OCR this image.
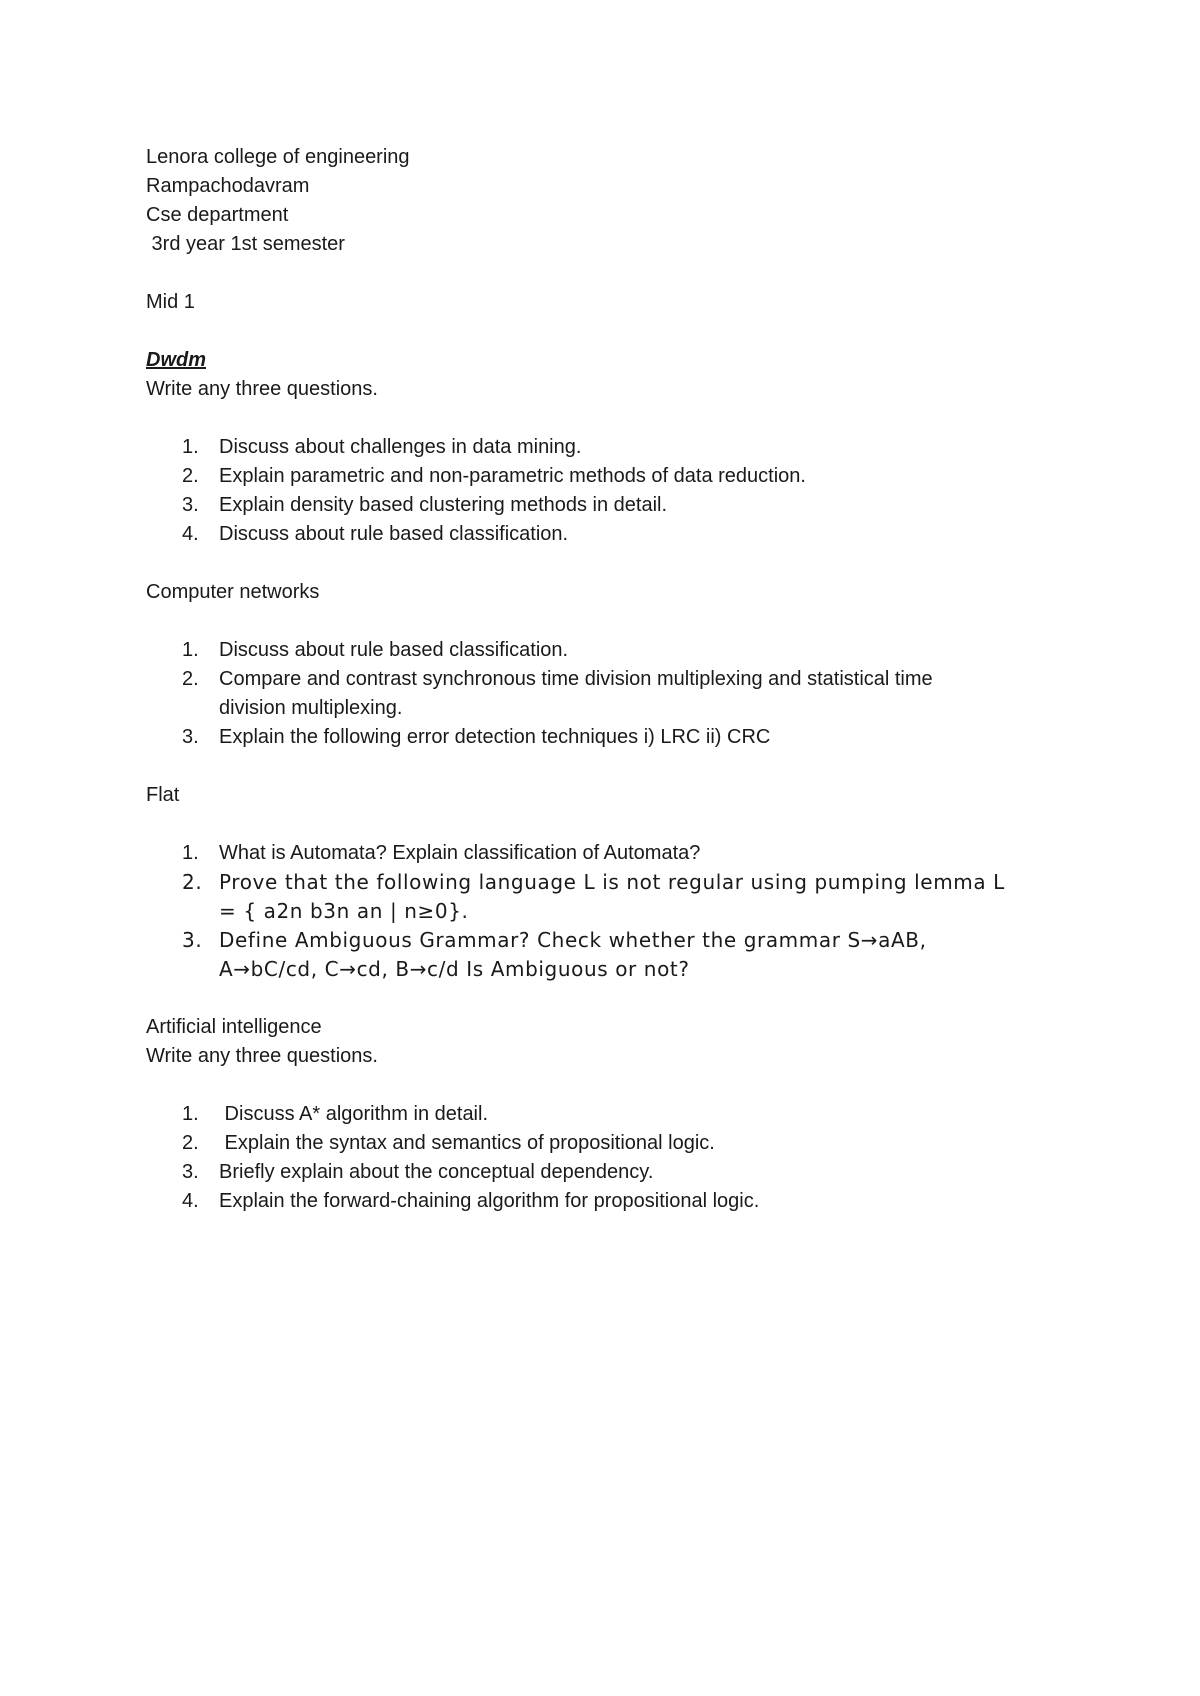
Lenora college of engineering

Rampachodavram

Cse department

3rd year 1st semester

Mid 1

Dwdm

Write any three questions.

1. Discuss about challenges in data mining.
2. Explain parametric and non-parametric methods of data reduction.
3. Explain density based clustering methods in detail.
4. Discuss about rule based classification.

Computer networks

1. Discuss about rule based classification.
2. Compare and contrast synchronous time division multiplexing and statistical time
division multiplexing.
3. Explain the following error detection techniques i) LRC ii) CRC

Flat

1. What is Automata? Explain classification of Automata?
2. Prove that the following language L is not regular using pumping lemma L
= { a2n b3n an | n≥0}.
3. Define Ambiguous Grammar? Check whether the grammar S→aAB,
A→bC/cd, C→cd, B→c/d Is Ambiguous or not?

Artificial intelligence

Write any three questions.

1. Discuss A* algorithm in detail.
2. Explain the syntax and semantics of propositional logic.
3. Briefly explain about the conceptual dependency.
4. Explain the forward-chaining algorithm for propositional logic.
